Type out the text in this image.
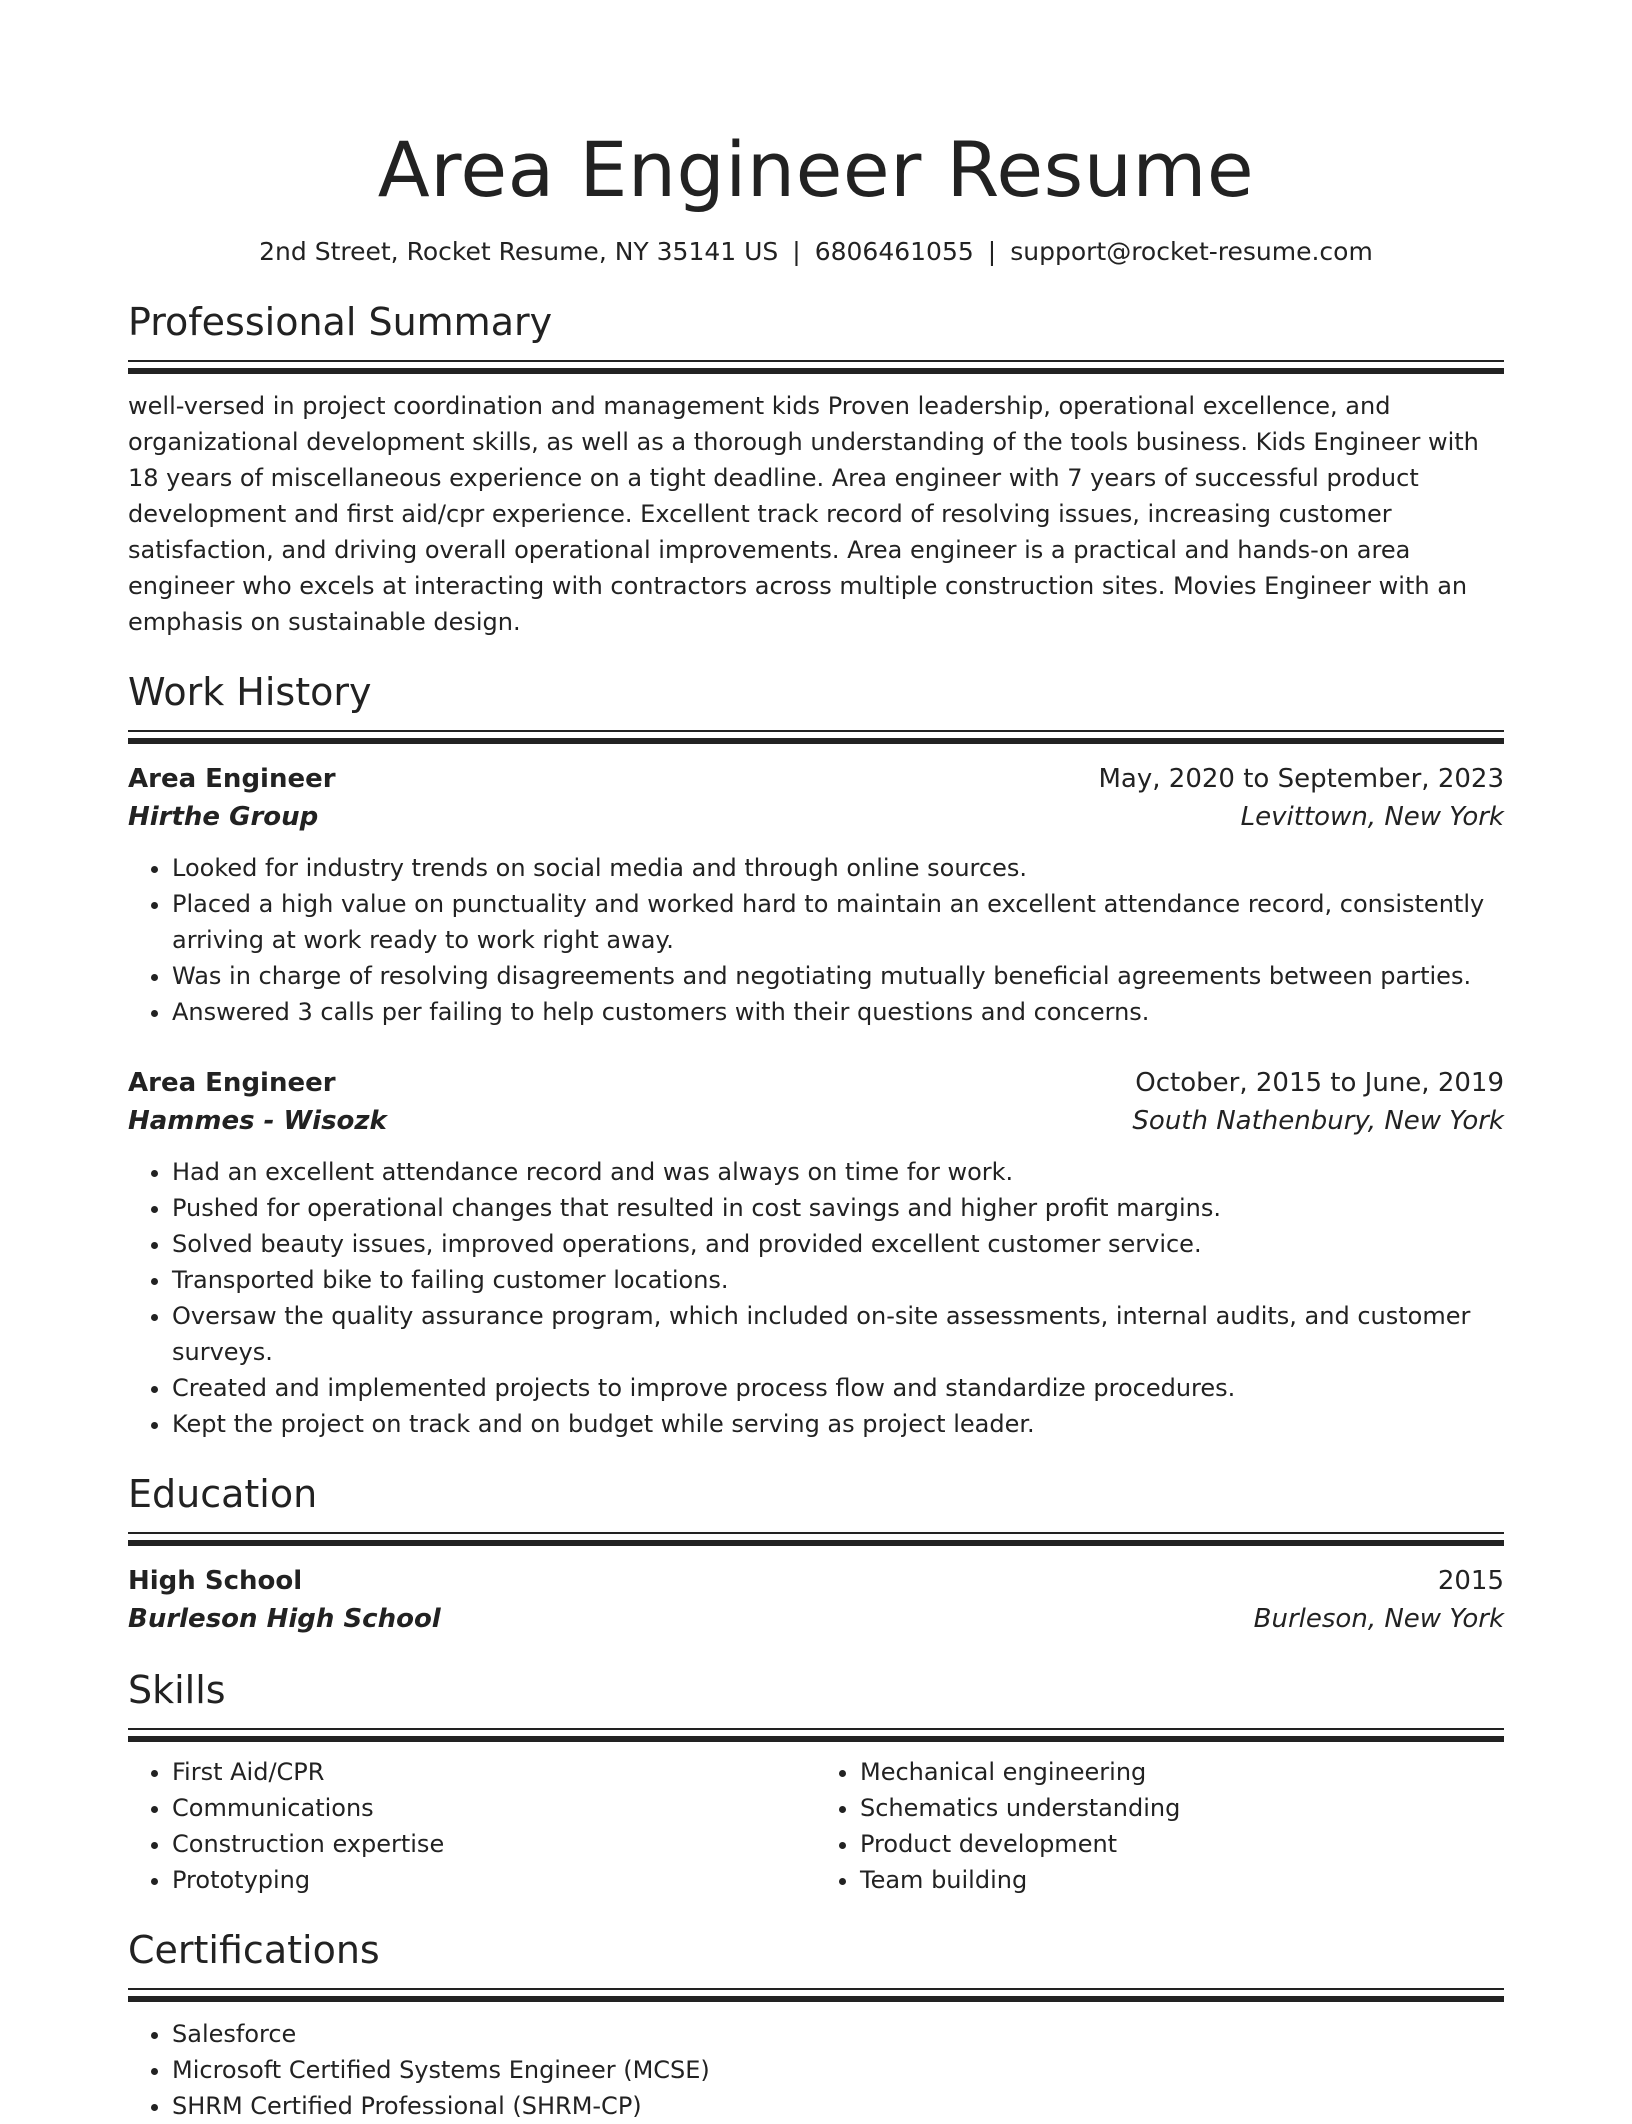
Area Engineer Resume
2nd Street, Rocket Resume, NY 35141 US | 6806461055 | support@rocket-resume.com
Professional Summary
well-versed in project coordination and management kids Proven leadership, operational excellence, and organizational development skills, as well as a thorough understanding of the tools business. Kids Engineer with 18 years of miscellaneous experience on a tight deadline. Area engineer with 7 years of successful product development and first aid/cpr experience. Excellent track record of resolving issues, increasing customer satisfaction, and driving overall operational improvements. Area engineer is a practical and hands-on area engineer who excels at interacting with contractors across multiple construction sites. Movies Engineer with an emphasis on sustainable design.
Work History
Area Engineer	May, 2020 to September, 2023
Hirthe Group	Levittown, New York
• Looked for industry trends on social media and through online sources.
• Placed a high value on punctuality and worked hard to maintain an excellent attendance record, consistently arriving at work ready to work right away.
• Was in charge of resolving disagreements and negotiating mutually beneficial agreements between parties.
• Answered 3 calls per failing to help customers with their questions and concerns.
Area Engineer	October, 2015 to June, 2019
Hammes - Wisozk	South Nathenbury, New York
• Had an excellent attendance record and was always on time for work.
• Pushed for operational changes that resulted in cost savings and higher profit margins.
• Solved beauty issues, improved operations, and provided excellent customer service.
• Transported bike to failing customer locations.
• Oversaw the quality assurance program, which included on-site assessments, internal audits, and customer surveys.
• Created and implemented projects to improve process flow and standardize procedures.
• Kept the project on track and on budget while serving as project leader.
Education
High School	2015
Burleson High School	Burleson, New York
Skills
• First Aid/CPR
• Communications
• Construction expertise
• Prototyping
• Mechanical engineering
• Schematics understanding
• Product development
• Team building
Certifications
• Salesforce
• Microsoft Certified Systems Engineer (MCSE)
• SHRM Certified Professional (SHRM-CP)
